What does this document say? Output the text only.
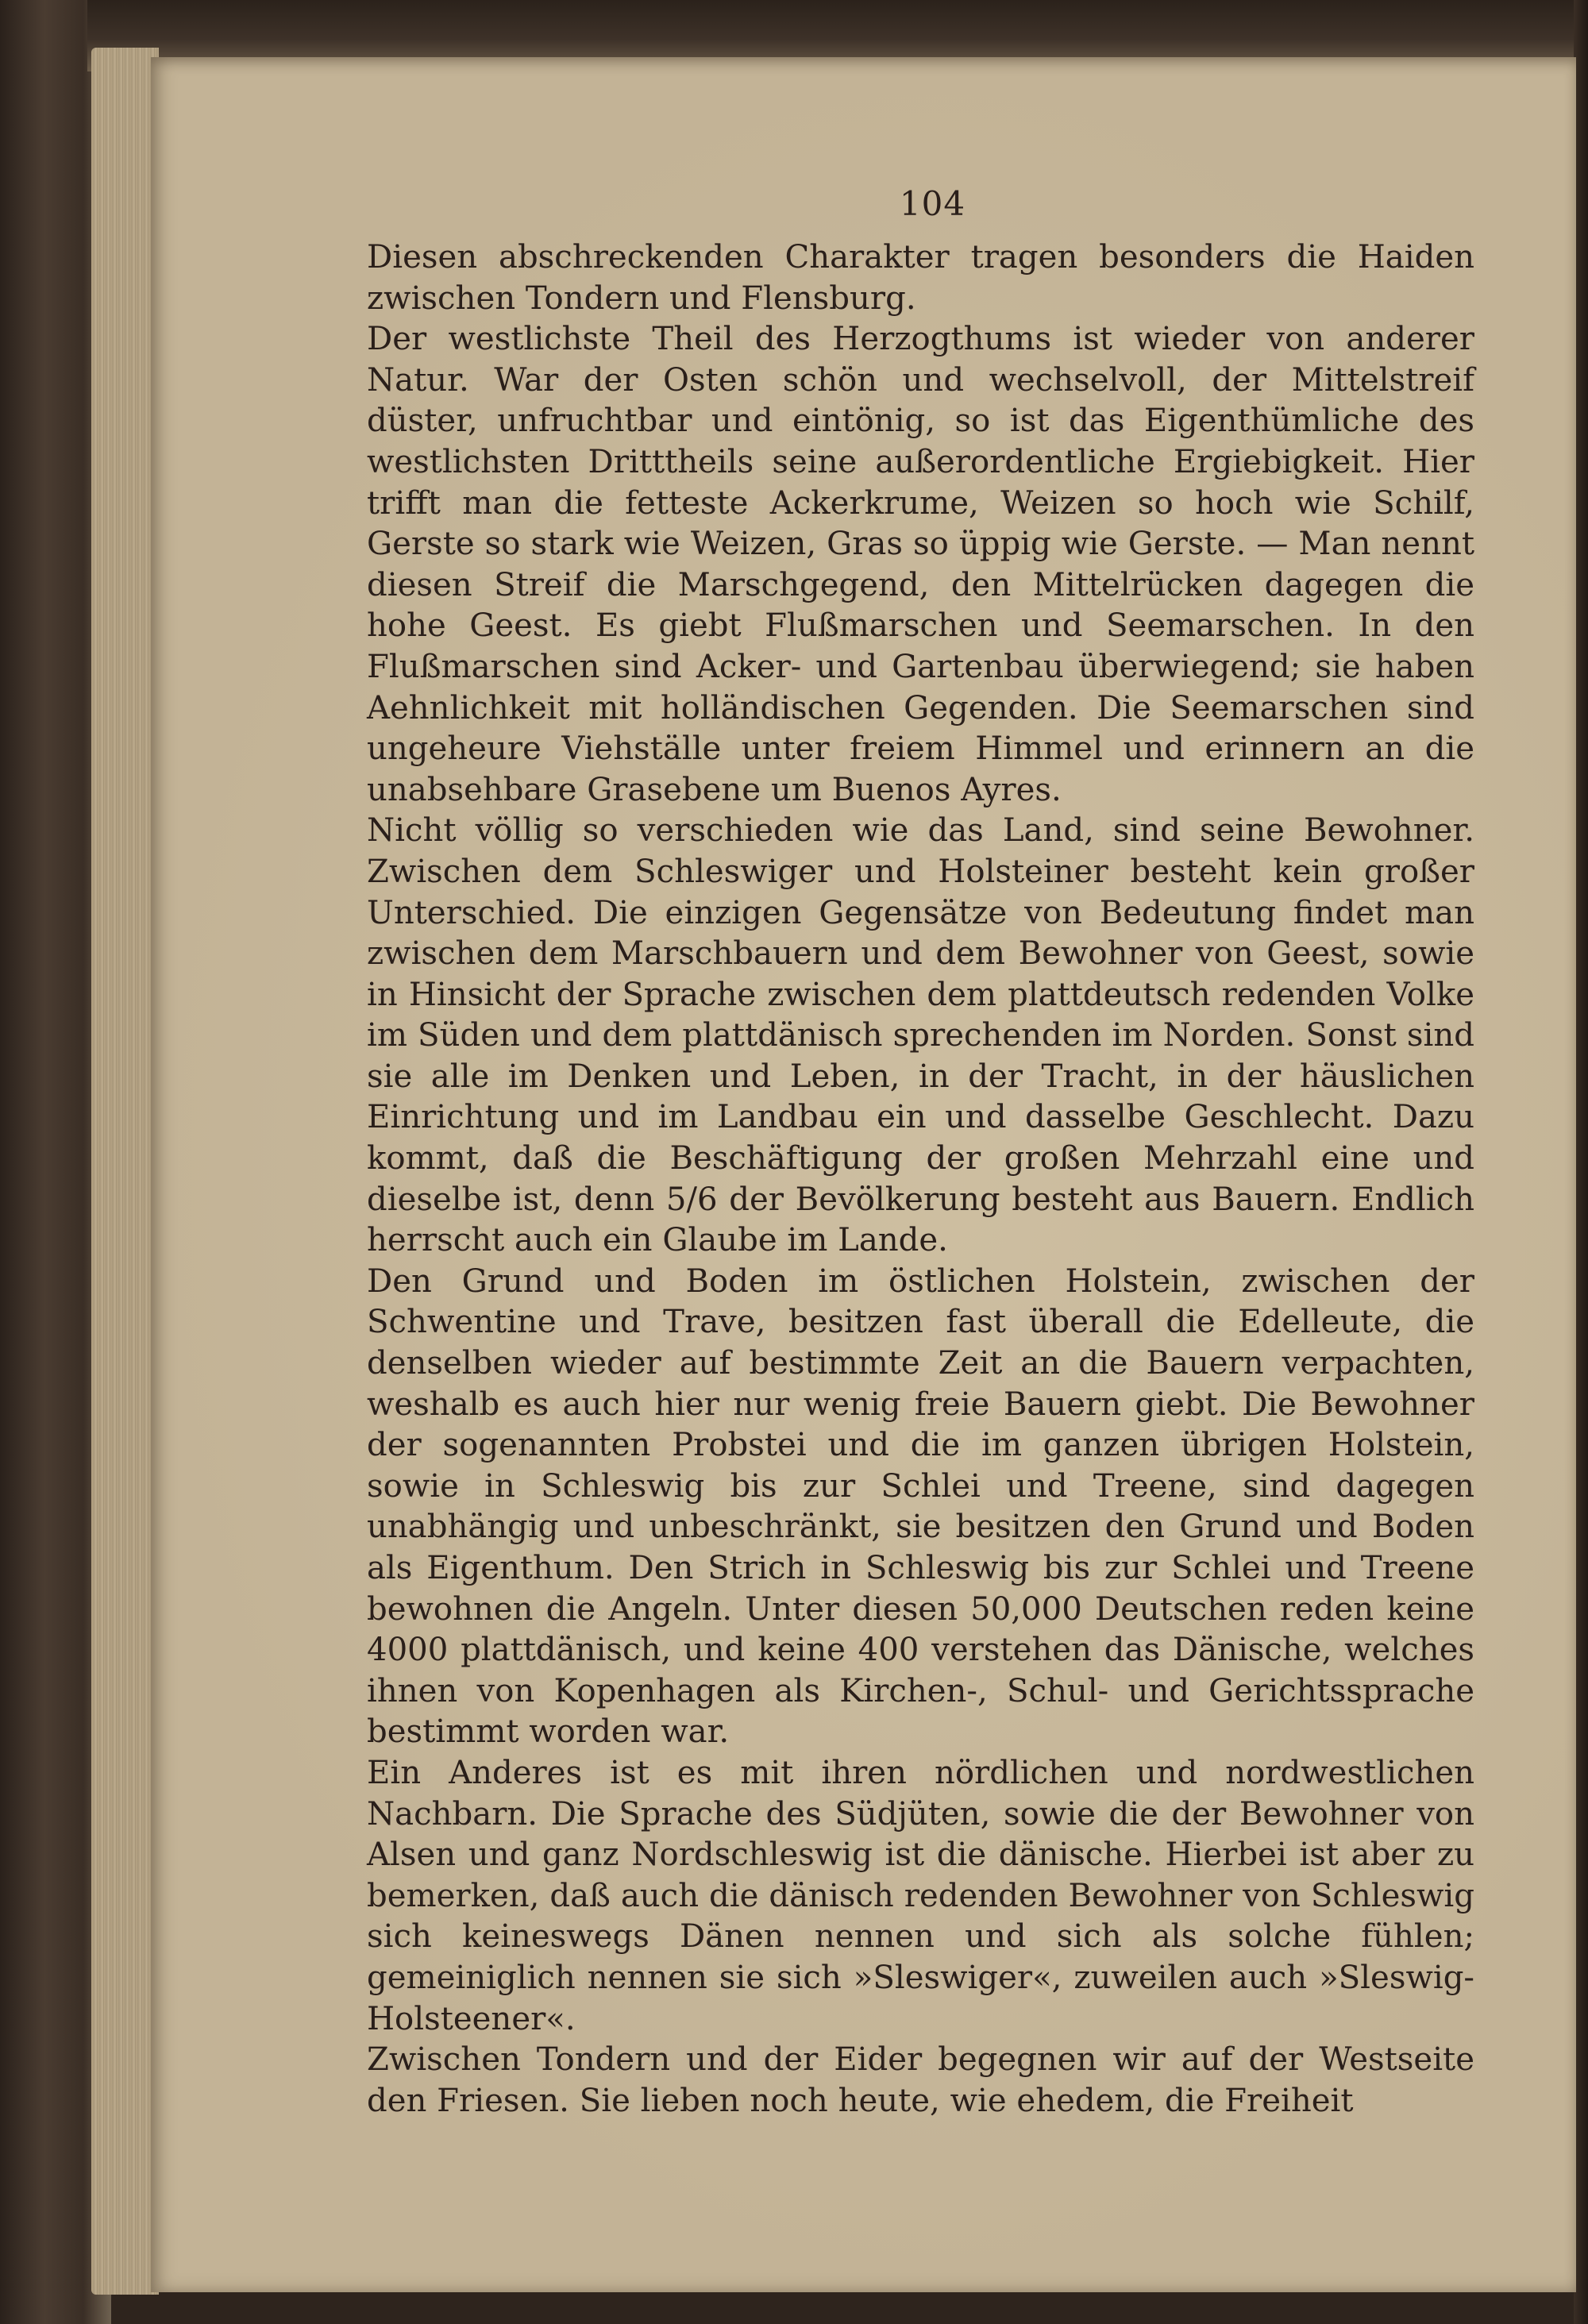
104

Diesen abschreckenden Charakter tragen besonders die Haiden zwischen Tondern und Flensburg.

Der westlichste Theil des Herzogthums ist wieder von anderer Natur. War der Osten schön und wechselvoll, der Mittelstreif düster, unfruchtbar und eintönig, so ist das Eigenthümliche des westlichsten Dritttheils seine außerordentliche Ergiebigkeit. Hier trifft man die fetteste Ackerkrume, Weizen so hoch wie Schilf, Gerste so stark wie Weizen, Gras so üppig wie Gerste. — Man nennt diesen Streif die Marschgegend, den Mittelrücken dagegen die hohe Geest. Es giebt Flußmarschen und Seemarschen. In den Flußmarschen sind Acker- und Gartenbau überwiegend; sie haben Aehnlichkeit mit holländischen Gegenden. Die Seemarschen sind ungeheure Viehställe unter freiem Himmel und erinnern an die unabsehbare Grasebene um Buenos Ayres.

Nicht völlig so verschieden wie das Land, sind seine Bewohner. Zwischen dem Schleswiger und Holsteiner besteht kein großer Unterschied. Die einzigen Gegensätze von Bedeutung findet man zwischen dem Marschbauern und dem Bewohner von Geest, sowie in Hinsicht der Sprache zwischen dem plattdeutsch redenden Volke im Süden und dem plattdänisch sprechenden im Norden. Sonst sind sie alle im Denken und Leben, in der Tracht, in der häuslichen Einrichtung und im Landbau ein und dasselbe Geschlecht. Dazu kommt, daß die Beschäftigung der großen Mehrzahl eine und dieselbe ist, denn 5/6 der Bevölkerung besteht aus Bauern. Endlich herrscht auch ein Glaube im Lande.

Den Grund und Boden im östlichen Holstein, zwischen der Schwentine und Trave, besitzen fast überall die Edelleute, die denselben wieder auf bestimmte Zeit an die Bauern verpachten, weshalb es auch hier nur wenig freie Bauern giebt. Die Bewohner der sogenannten Probstei und die im ganzen übrigen Holstein, sowie in Schleswig bis zur Schlei und Treene, sind dagegen unabhängig und unbeschränkt, sie besitzen den Grund und Boden als Eigenthum. Den Strich in Schleswig bis zur Schlei und Treene bewohnen die Angeln. Unter diesen 50,000 Deutschen reden keine 4000 plattdänisch, und keine 400 verstehen das Dänische, welches ihnen von Kopenhagen als Kirchen-, Schul- und Gerichtssprache bestimmt worden war.

Ein Anderes ist es mit ihren nördlichen und nordwestlichen Nachbarn. Die Sprache des Südjüten, sowie die der Bewohner von Alsen und ganz Nordschleswig ist die dänische. Hierbei ist aber zu bemerken, daß auch die dänisch redenden Bewohner von Schleswig sich keineswegs Dänen nennen und sich als solche fühlen; gemeiniglich nennen sie sich »Sleswiger«, zuweilen auch »Sleswig-Holsteener«.

Zwischen Tondern und der Eider begegnen wir auf der Westseite den Friesen. Sie lieben noch heute, wie ehedem, die Freiheit
